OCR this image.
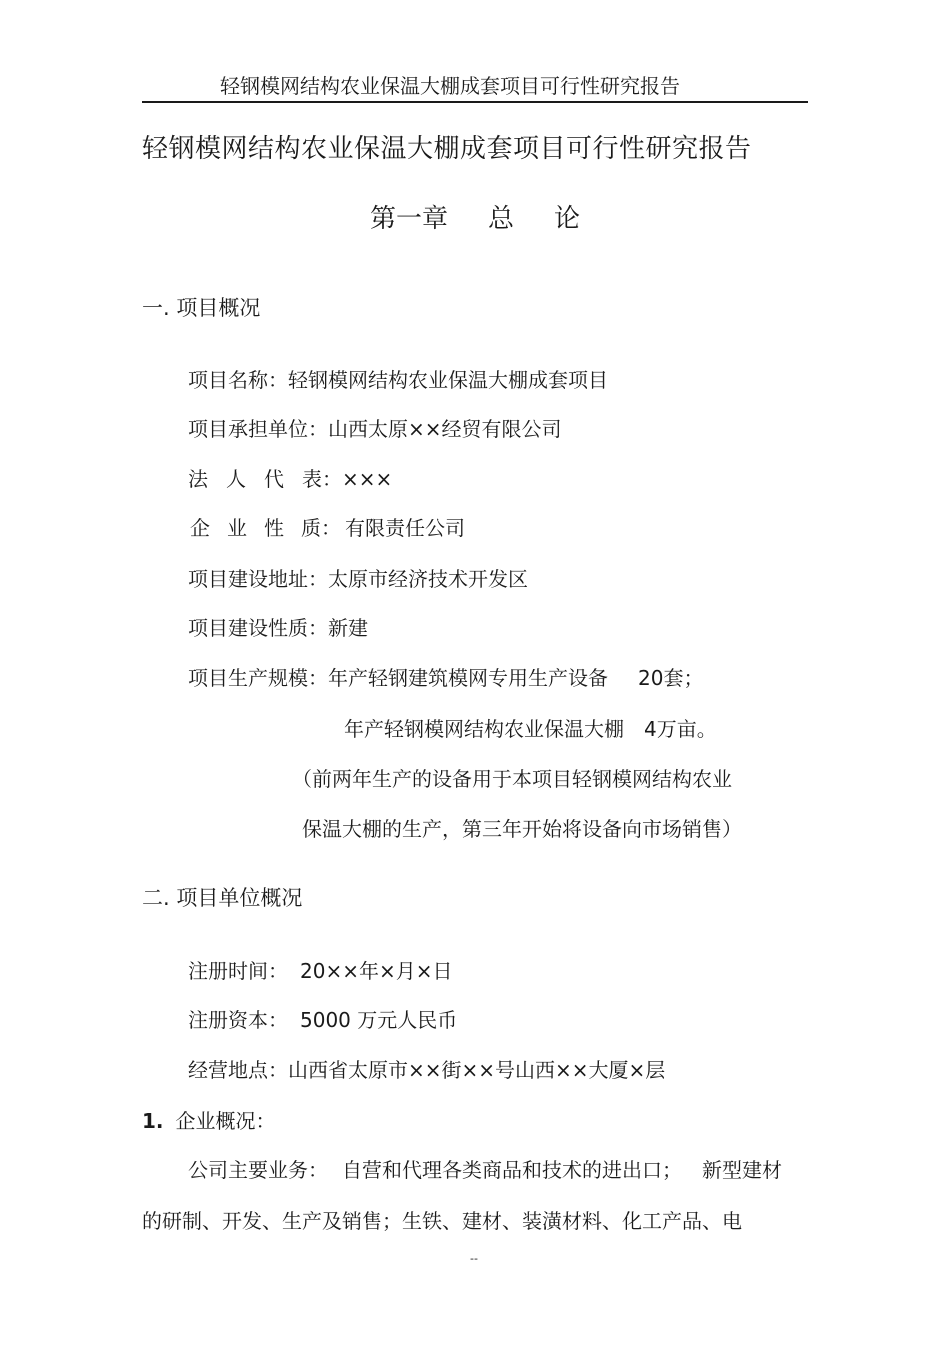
轻钢模网结构农业保温大棚成套项目可行性研究报告
轻钢模网结构农业保温大棚成套项目可行性研究报告
第一章 总 论
一. 项目概况
项目名称：轻钢模网结构农业保温大棚成套项目
项目承担单位：山西太原××经贸有限公司
法 人 代 表：×××
企 业 性 质： 有限责任公司
项目建设地址：太原市经济技术开发区
项目建设性质：新建
项目生产规模：年产轻钢建筑模网专用生产设备 20套；
年产轻钢模网结构农业保温大棚 4万亩。
（前两年生产的设备用于本项目轻钢模网结构农业
保温大棚的生产，第三年开始将设备向市场销售）
二. 项目单位概况
注册时间： 20××年×月×日
注册资本： 5000 万元人民币
经营地点：山西省太原市××街××号山西××大厦×层
1. 企业概况：
公司主要业务： 自营和代理各类商品和技术的进出口； 新型建材
的研制、开发、生产及销售；生铁、建材、装潢材料、化工产品、电
--
